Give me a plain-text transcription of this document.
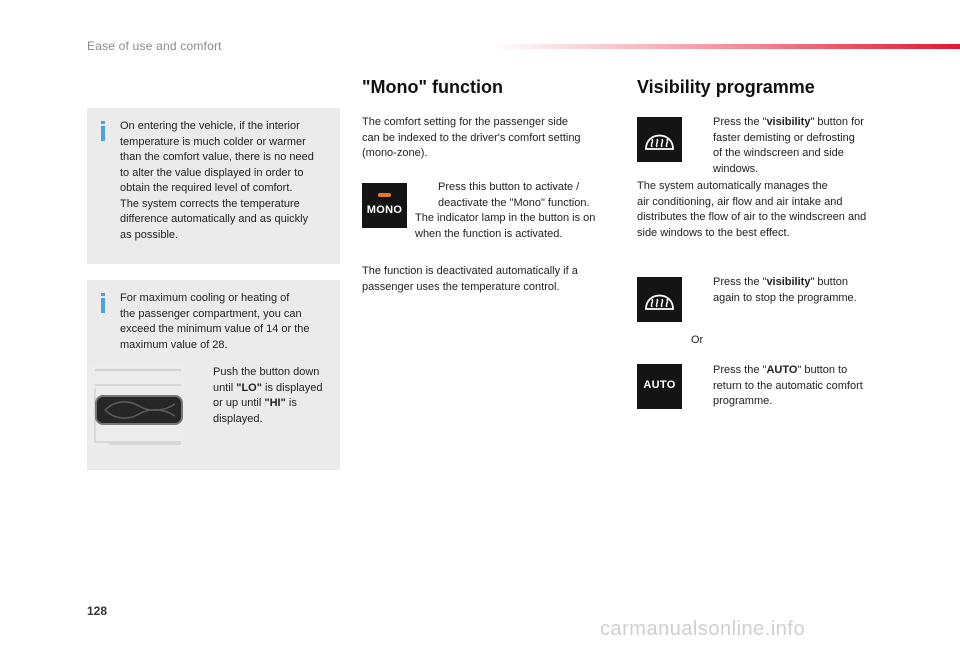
Ease of use and comfort
On entering the vehicle, if the interior
temperature is much colder or warmer
than the comfort value, there is no need
to alter the value displayed in order to
obtain the required level of comfort.
The system corrects the temperature
difference automatically and as quickly
as possible.
For maximum cooling or heating of
the passenger compartment, you can
exceed the minimum value of 14 or the
maximum value of 28.
Push the button down
until "LO" is displayed
or up until "HI" is
displayed.
"Mono" function
The comfort setting for the passenger side
can be indexed to the driver's comfort setting
(mono-zone).
MONO
Press this button to activate /
deactivate the "Mono" function.
The indicator lamp in the button is on
when the function is activated.
The function is deactivated automatically if a
passenger uses the temperature control.
Visibility programme
Press the "visibility" button for
faster demisting or defrosting
of the windscreen and side
windows.
The system automatically manages the
air conditioning, air flow and air intake and
distributes the flow of air to the windscreen and
side windows to the best effect.
Press the "visibility" button
again to stop the programme.
Or
AUTO
Press the "AUTO" button to
return to the automatic comfort
programme.
128
carmanualsonline.info
